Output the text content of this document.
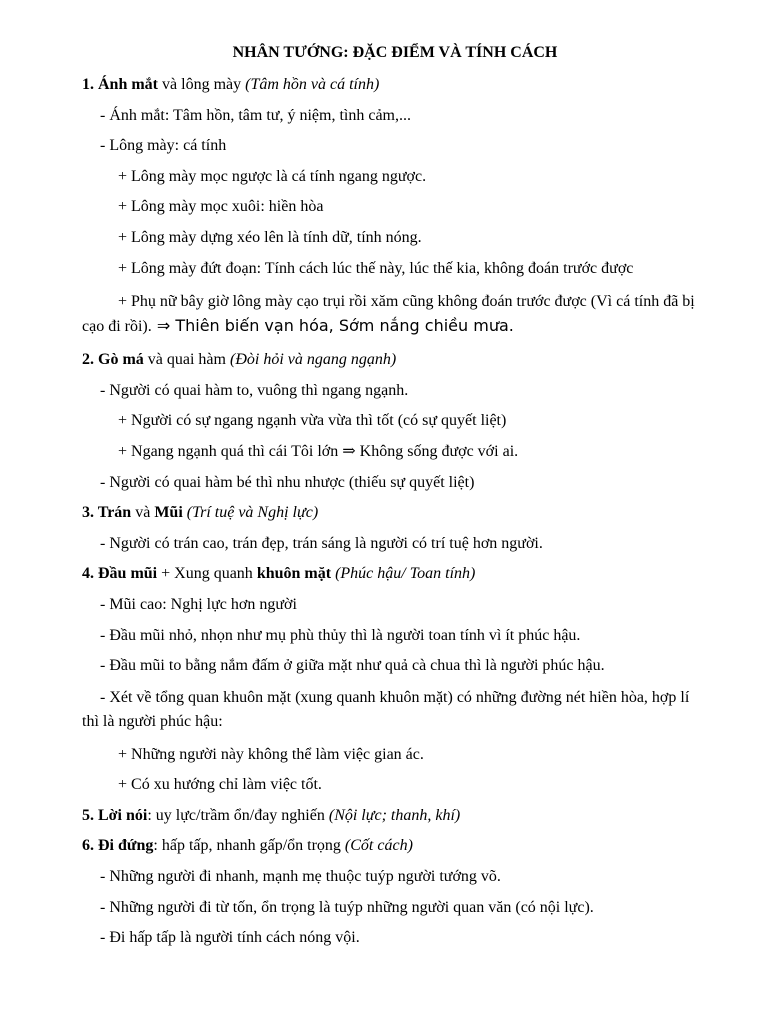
NHÂN TƯỚNG: ĐẶC ĐIỂM VÀ TÍNH CÁCH
1. Ánh mắt và lông mày (Tâm hồn và cá tính)
- Ánh mắt: Tâm hồn, tâm tư, ý niệm, tình cảm,...
- Lông mày: cá tính
+ Lông mày mọc ngược là cá tính ngang ngược.
+ Lông mày mọc xuôi: hiền hòa
+ Lông mày dựng xéo lên là tính dữ, tính nóng.
+ Lông mày đứt đoạn: Tính cách lúc thế này, lúc thế kia, không đoán trước được
+ Phụ nữ bây giờ lông mày cạo trụi rồi xăm cũng không đoán trước được (Vì cá tính đã bị cạo đi rồi). ⇒ Thiên biến vạn hóa, Sớm nắng chiều mưa.
2. Gò má và quai hàm (Đòi hỏi và ngang ngạnh)
- Người có quai hàm to, vuông thì ngang ngạnh.
+ Người có sự ngang ngạnh vừa vừa thì tốt (có sự quyết liệt)
+ Ngang ngạnh quá thì cái Tôi lớn ⇒ Không sống được với ai.
- Người có quai hàm bé thì nhu nhược (thiếu sự quyết liệt)
3. Trán và Mũi (Trí tuệ và Nghị lực)
- Người có trán cao, trán đẹp, trán sáng là người có trí tuệ hơn người.
4. Đầu mũi + Xung quanh khuôn mặt (Phúc hậu/ Toan tính)
- Mũi cao: Nghị lực hơn người
- Đầu mũi nhỏ, nhọn như mụ phù thủy thì là người toan tính vì ít phúc hậu.
- Đầu mũi to bằng nắm đấm ở giữa mặt như quả cà chua thì là người phúc hậu.
- Xét về tổng quan khuôn mặt (xung quanh khuôn mặt) có những đường nét hiền hòa, hợp lí thì là người phúc hậu:
+ Những người này không thể làm việc gian ác.
+ Có xu hướng chỉ làm việc tốt.
5. Lời nói: uy lực/trầm ổn/đay nghiến (Nội lực; thanh, khí)
6. Đi đứng: hấp tấp, nhanh gấp/ổn trọng (Cốt cách)
- Những người đi nhanh, mạnh mẹ thuộc tuýp người tướng võ.
- Những người đi từ tốn, ổn trọng là tuýp những người quan văn (có nội lực).
- Đi hấp tấp là người tính cách nóng vội.
